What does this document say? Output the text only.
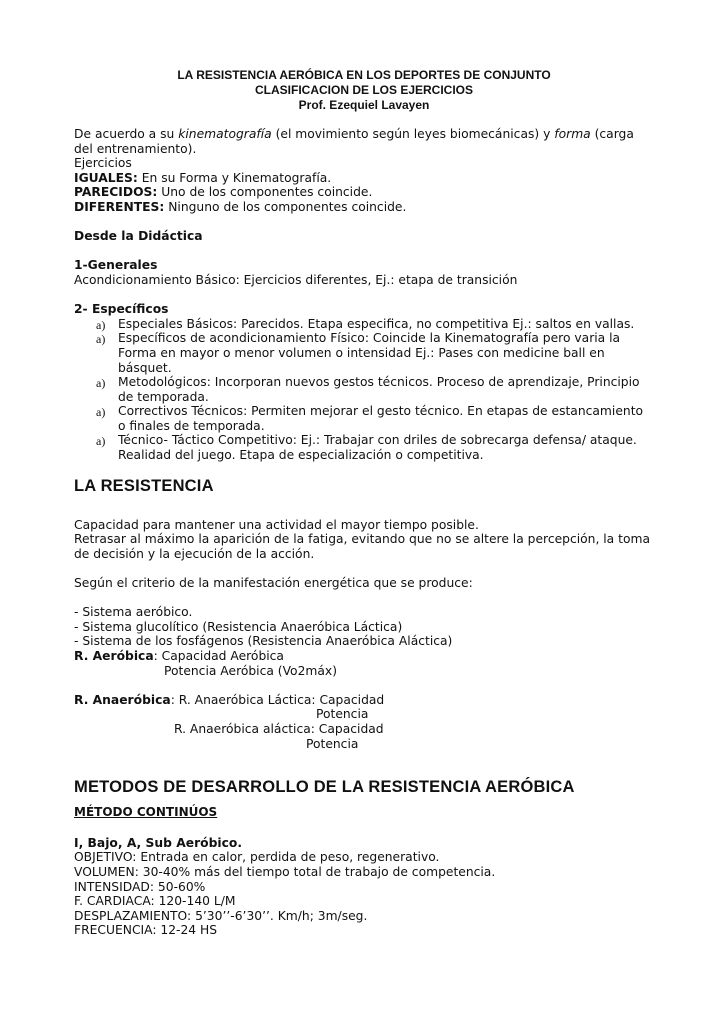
LA RESISTENCIA AERÓBICA EN LOS DEPORTES DE CONJUNTO
CLASIFICACION DE LOS EJERCICIOS
Prof. Ezequiel Lavayen
De acuerdo a su kinematografía (el movimiento según leyes biomecánicas) y forma (carga del entrenamiento).
Ejercicios
IGUALES: En su Forma y Kinematografía.
PARECIDOS: Uno de los componentes coincide.
DIFERENTES: Ninguno de los componentes coincide.
Desde la Didáctica
1-Generales
Acondicionamiento Básico: Ejercicios diferentes, Ej.: etapa de transición
2- Específicos
a) Especiales Básicos: Parecidos. Etapa especifica, no competitiva Ej.: saltos en vallas.
a) Específicos de acondicionamiento Físico: Coincide la Kinematografía pero varia la Forma en mayor o menor volumen o intensidad Ej.: Pases con medicine ball en básquet.
a) Metodológicos: Incorporan nuevos gestos técnicos. Proceso de aprendizaje, Principio de temporada.
a) Correctivos Técnicos: Permiten mejorar el gesto técnico. En etapas de estancamiento o finales de temporada.
a) Técnico- Táctico Competitivo: Ej.: Trabajar con driles de sobrecarga defensa/ ataque. Realidad del juego. Etapa de especialización o competitiva.
LA RESISTENCIA
Capacidad para mantener una actividad el mayor tiempo posible.
Retrasar al máximo la aparición de la fatiga, evitando que no se altere la percepción, la toma de decisión y la ejecución de la acción.
Según el criterio de la manifestación energética que se produce:
- Sistema aeróbico.
- Sistema glucolítico (Resistencia Anaeróbica Láctica)
- Sistema de los fosfágenos (Resistencia Anaeróbica Aláctica)
R. Aeróbica: Capacidad Aeróbica
Potencia Aeróbica (Vo2máx)
R. Anaeróbica: R. Anaeróbica Láctica: Capacidad
Potencia
R. Anaeróbica aláctica: Capacidad
Potencia
METODOS DE DESARROLLO DE LA RESISTENCIA AERÓBICA
MÉTODO CONTINÚOS
I, Bajo, A, Sub Aeróbico.
OBJETIVO: Entrada en calor, perdida de peso, regenerativo.
VOLUMEN: 30-40% más del tiempo total de trabajo de competencia.
INTENSIDAD: 50-60%
F. CARDIACA: 120-140 L/M
DESPLAZAMIENTO: 5’30’’-6’30’’. Km/h; 3m/seg.
FRECUENCIA: 12-24 HS
